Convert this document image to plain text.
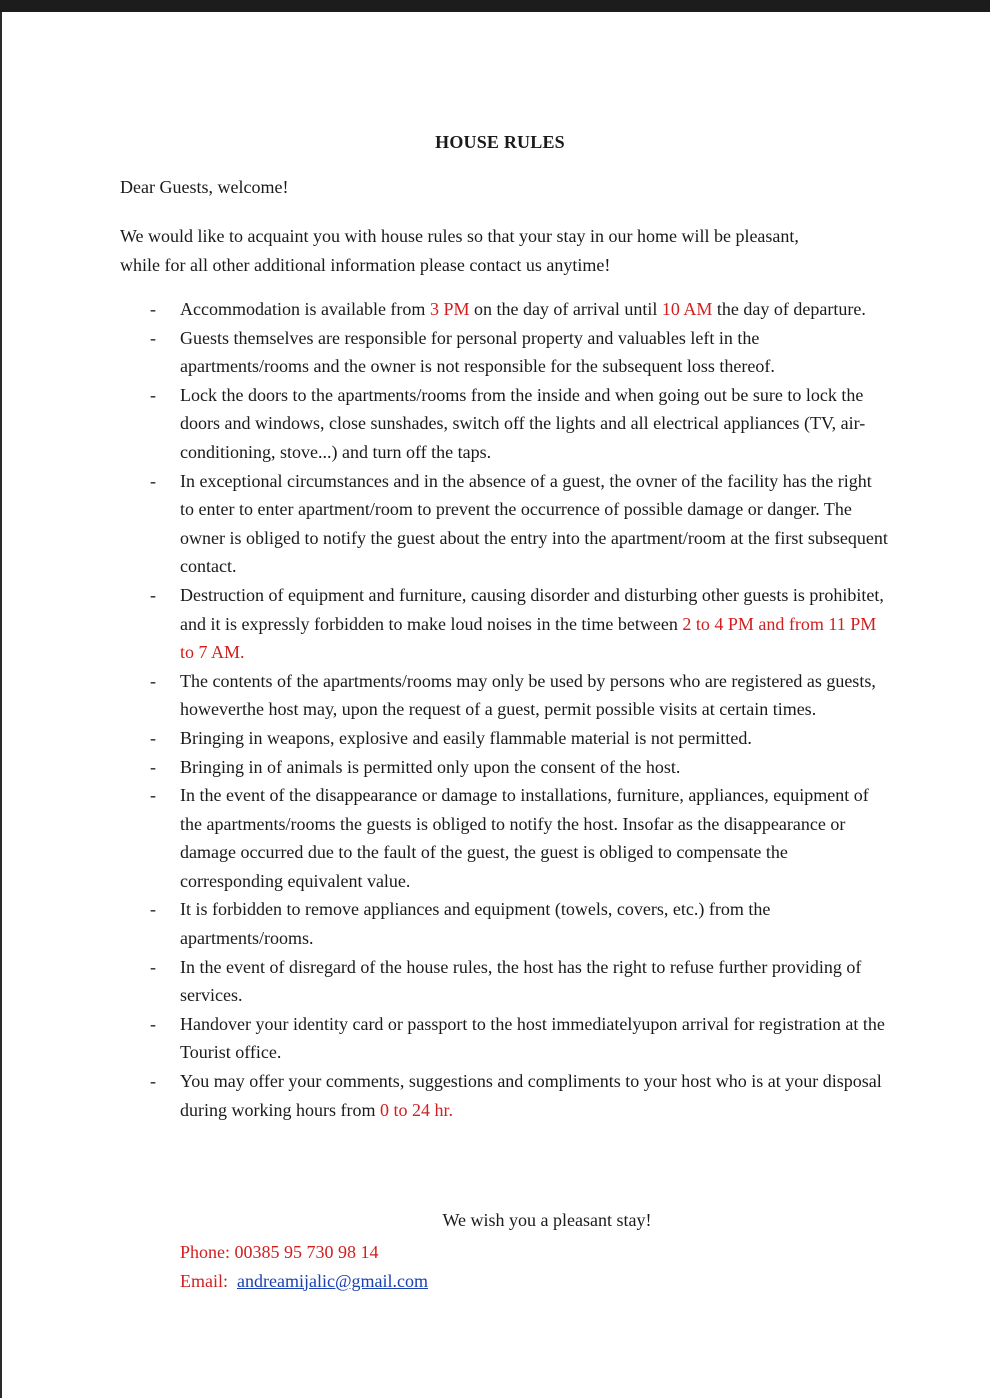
HOUSE RULES
Dear Guests, welcome!
We would like to acquaint you with house rules so that your stay in our home will be pleasant, while for all other additional information please contact us anytime!
-	Accommodation is available from 3 PM on the day of arrival until 10 AM the day of departure.
-	Guests themselves are responsible for personal property and valuables left in the apartments/rooms and the owner is not responsible for the subsequent loss thereof.
-	Lock the doors to the apartments/rooms from the inside and when going out be sure to lock the doors and windows, close sunshades, switch off the lights and all electrical appliances (TV, air-conditioning, stove...) and turn off the taps.
-	In exceptional circumstances and in the absence of a guest, the ovner of the facility has the right to enter to enter apartment/room to prevent the occurrence of possible damage or danger. The owner is obliged to notify the guest about the entry into the apartment/room at the first subsequent contact.
-	Destruction of equipment and furniture, causing disorder and disturbing other guests is prohibitet, and it is expressly forbidden to make loud noises in the time between 2 to 4 PM and from 11 PM to 7 AM.
-	The contents of the apartments/rooms may only be used by persons who are registered as guests, howeverthe host may, upon the request of a guest, permit possible visits at certain times.
-	Bringing in weapons, explosive and easily flammable material is not permitted.
-	Bringing in of animals is permitted only upon the consent of the host.
-	In the event of the disappearance or damage to installations, furniture, appliances, equipment of the apartments/rooms the guests is obliged to notify the host. Insofar as the disappearance or damage occurred due to the fault of the guest, the guest is obliged to compensate the corresponding equivalent value.
-	It is forbidden to remove appliances and equipment (towels, covers, etc.) from the apartments/rooms.
-	In the event of disregard of the house rules, the host has the right to refuse further providing of services.
-	Handover your identity card or passport to the host immediatelyupon arrival for registration at the Tourist office.
-	You may offer your comments, suggestions and compliments to your host who is at your disposal during working hours from 0 to 24 hr.
We wish you a pleasant stay!
Phone: 00385 95 730 98 14
Email: andreamijalic@gmail.com
